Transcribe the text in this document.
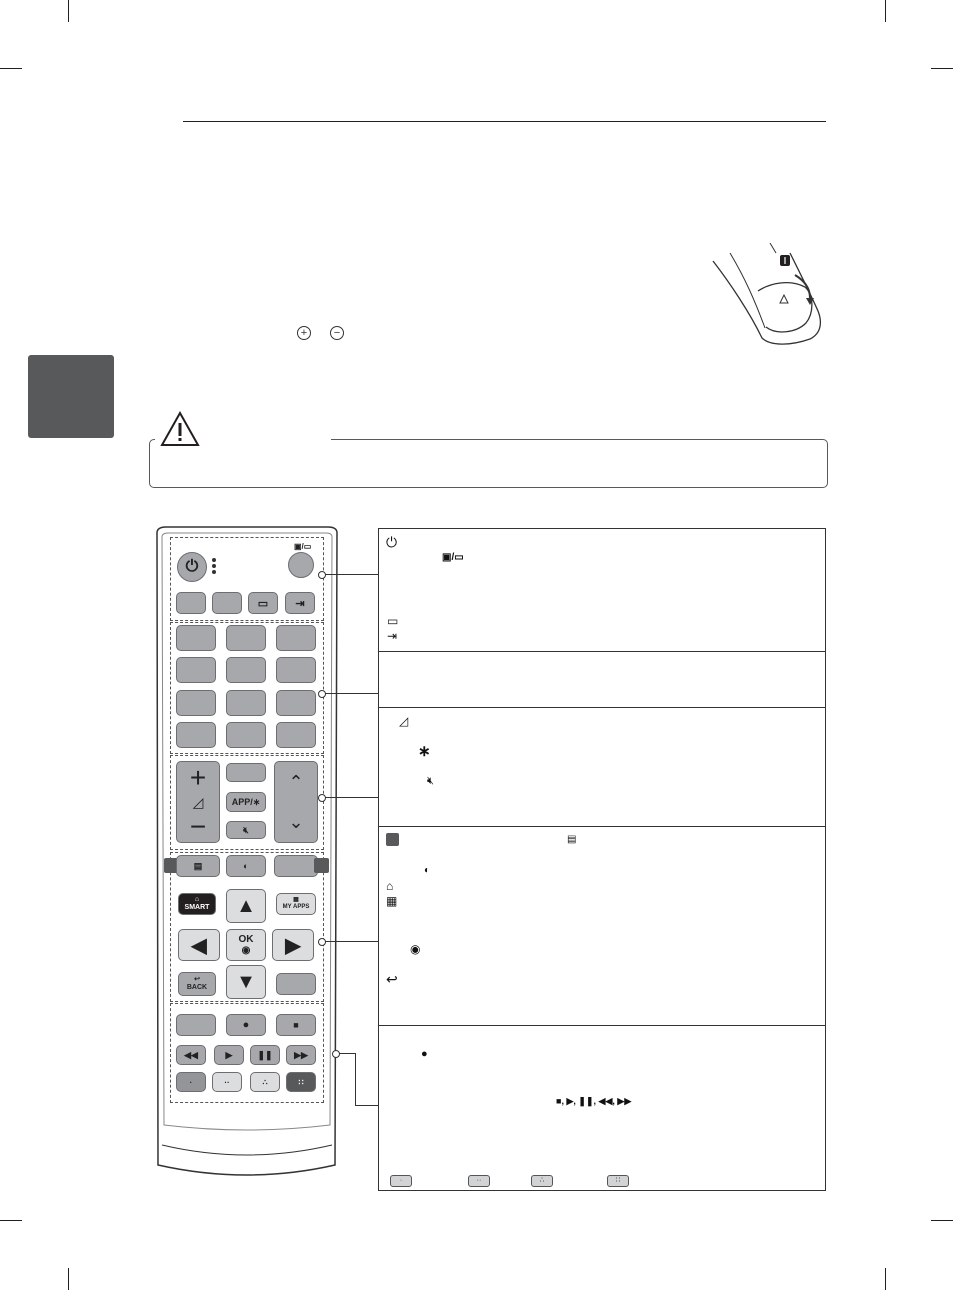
+	−
⏻
▣/▭
▭	⇥
+
◿
−
APP/∗
🔇︎
⌃
⌄
▤	◐
⌂
SMART	▲	▦
MY APPS
◀	OK
◉	▶
↩
BACK	▼
●	■
◀◀	▶	❚❚	▶▶
·	··	∴	∷
⏻
▣/▭
▭
⇥
◿
∗
🔇︎
▤
◐
⌂
▦
◉
↩
●
■, ▶, ❚❚, ◀◀, ▶▶
·	··	∴	∷
